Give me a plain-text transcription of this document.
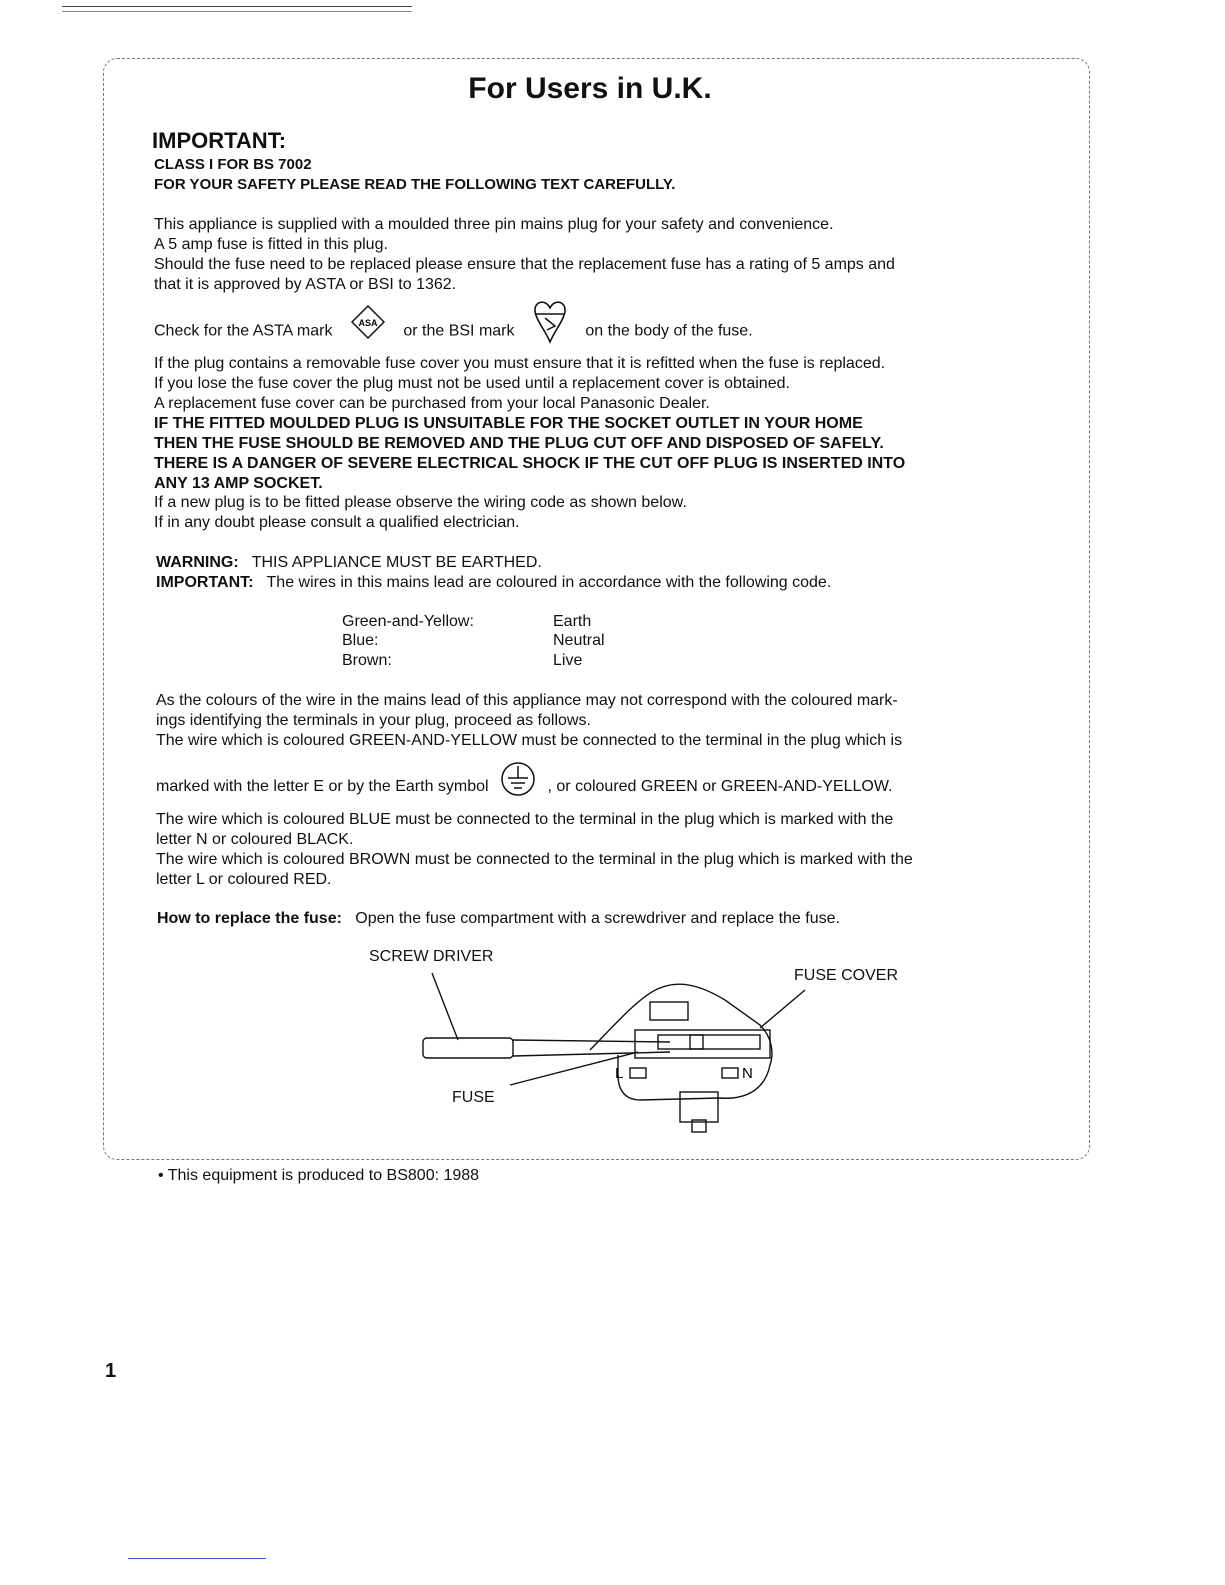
For Users in U.K.
IMPORTANT:
CLASS I FOR BS 7002
FOR YOUR SAFETY PLEASE READ THE FOLLOWING TEXT CAREFULLY.
This appliance is supplied with a moulded three pin mains plug for your safety and convenience.
A 5 amp fuse is fitted in this plug.
Should the fuse need to be replaced please ensure that the replacement fuse has a rating of 5 amps and
that it is approved by ASTA or BSI to 1362.
Check for the ASTA mark	ASA or the BSI mark	on the body of the fuse.
If the plug contains a removable fuse cover you must ensure that it is refitted when the fuse is replaced.
If you lose the fuse cover the plug must not be used until a replacement cover is obtained.
A replacement fuse cover can be purchased from your local Panasonic Dealer.
IF THE FITTED MOULDED PLUG IS UNSUITABLE FOR THE SOCKET OUTLET IN YOUR HOME
THEN THE FUSE SHOULD BE REMOVED AND THE PLUG CUT OFF AND DISPOSED OF SAFELY.
THERE IS A DANGER OF SEVERE ELECTRICAL SHOCK IF THE CUT OFF PLUG IS INSERTED INTO
ANY 13 AMP SOCKET.
If a new plug is to be fitted please observe the wiring code as shown below.
If in any doubt please consult a qualified electrician.
WARNING: THIS APPLIANCE MUST BE EARTHED.
IMPORTANT: The wires in this mains lead are coloured in accordance with the following code.
Green-and-Yellow:	Earth
Blue:	Neutral
Brown:	Live
As the colours of the wire in the mains lead of this appliance may not correspond with the coloured mark-
ings identifying the terminals in your plug, proceed as follows.
The wire which is coloured GREEN-AND-YELLOW must be connected to the terminal in the plug which is
marked with the letter E or by the Earth symbol	, or coloured GREEN or GREEN-AND-YELLOW.
The wire which is coloured BLUE must be connected to the terminal in the plug which is marked with the
letter N or coloured BLACK.
The wire which is coloured BROWN must be connected to the terminal in the plug which is marked with the
letter L or coloured RED.
How to replace the fuse: Open the fuse compartment with a screwdriver and replace the fuse.
SCREW DRIVER
FUSE COVER
FUSE
L	N
• This equipment is produced to BS800: 1988
1
